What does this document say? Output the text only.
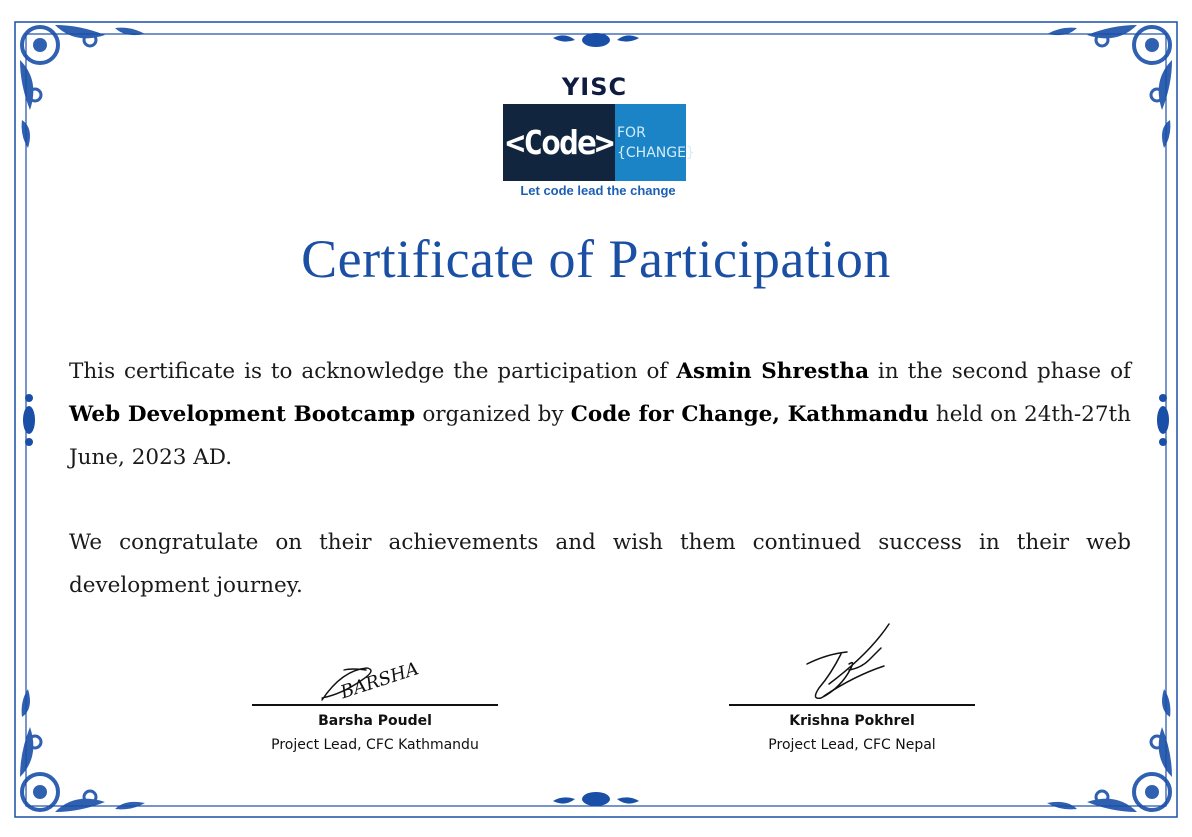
YISC
<Code> FOR
{CHANGE}
Let code lead the change
Certificate of Participation
This certificate is to acknowledge the participation of Asmin Shrestha in the second phase of Web Development Bootcamp organized by Code for Change, Kathmandu held on 24th-27th June, 2023 AD.
We congratulate on their achievements and wish them continued success in their web development journey.
BARSHA
Barsha Poudel
Project Lead, CFC Kathmandu
Krishna Pokhrel
Project Lead, CFC Nepal
